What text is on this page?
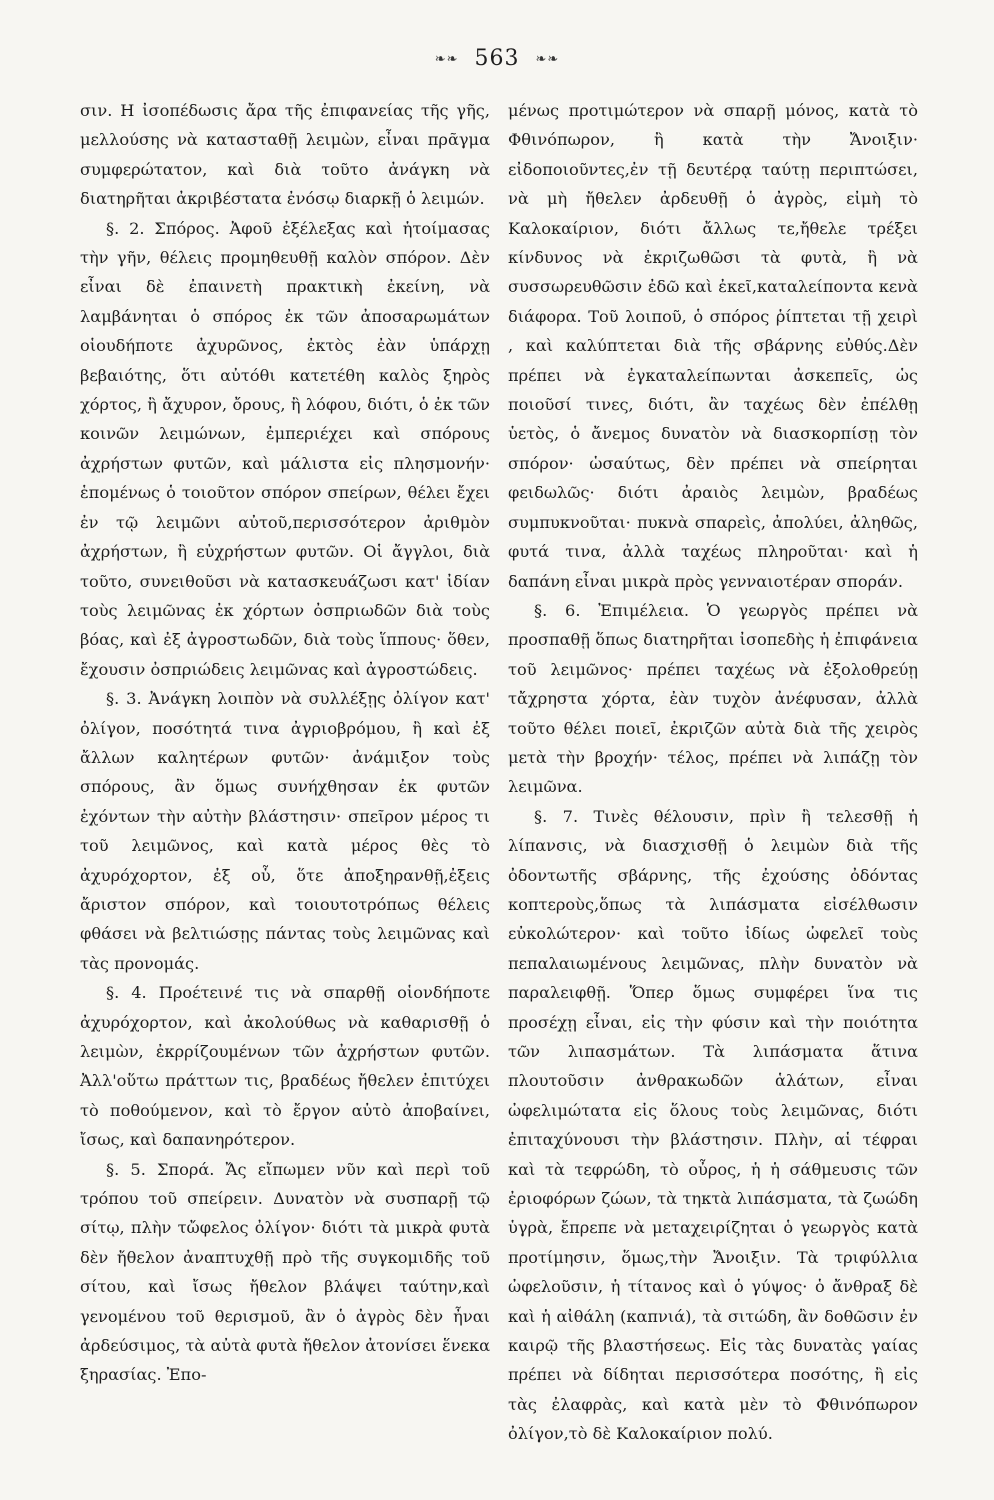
❧❧ 563 ❧❧

σιν. Η ἰσοπέδωσις ἄρα τῆς ἐπιφανείας τῆς γῆς, μελλούσης νὰ κατασταθῇ λειμὼν, εἶναι πρᾶγμα συμφερώτατον, καὶ διὰ τοῦτο ἀνάγκη νὰ διατηρῆται ἀκριβέστατα ἐνόσῳ διαρκῇ ὁ λειμών.

§. 2. Σπόρος. Ἀφοῦ ἐξέλεξας καὶ ἡτοίμασας τὴν γῆν, θέλεις προμηθευθῇ καλὸν σπόρον. Δὲν εἶναι δὲ ἐπαινετὴ πρακτικὴ ἐκείνη, νὰ λαμβάνηται ὁ σπόρος ἐκ τῶν ἀποσαρωμάτων οἱουδήποτε ἀχυρῶνος, ἐκτὸς ἐὰν ὑπάρχῃ βεβαιότης, ὅτι αὐτόθι κατετέθη καλὸς ξηρὸς χόρτος, ἢ ἄχυρον, ὄρους, ἢ λόφου, διότι, ὁ ἐκ τῶν κοινῶν λειμώνων, ἐμπεριέχει καὶ σπόρους ἀχρήστων φυτῶν, καὶ μάλιστα εἰς πλησμονήν· ἑπομένως ὁ τοιοῦτον σπόρον σπείρων, θέλει ἔχει ἐν τῷ λειμῶνι αὐτοῦ,περισσότερον ἀριθμὸν ἀχρήστων, ἢ εὐχρήστων φυτῶν. Οἱ ἄγγλοι, διὰ τοῦτο, συνειθοῦσι νὰ κατασκευάζωσι κατ' ἰδίαν τοὺς λειμῶνας ἐκ χόρτων ὀσπριωδῶν διὰ τοὺς βόας, καὶ ἐξ ἀγροστωδῶν, διὰ τοὺς ἵππους· ὅθεν, ἔχουσιν ὀσπριώδεις λειμῶνας καὶ ἀγροστώδεις.

§. 3. Ἀνάγκη λοιπὸν νὰ συλλέξῃς ὀλίγον κατ' ὀλίγον, ποσότητά τινα ἀγριοβρόμου, ἢ καὶ ἐξ ἄλλων καλητέρων φυτῶν· ἀνάμιξον τοὺς σπόρους, ἂν ὅμως συνήχθησαν ἐκ φυτῶν ἐχόντων τὴν αὐτὴν βλάστησιν· σπεῖρον μέρος τι τοῦ λειμῶνος, καὶ κατὰ μέρος θὲς τὸ ἀχυρόχορτον, ἐξ οὗ, ὅτε ἀποξηρανθῇ,ἐξεις ἄριστον σπόρον, καὶ τοιουτοτρόπως θέλεις φθάσει νὰ βελτιώσῃς πάντας τοὺς λειμῶνας καὶ τὰς προνομάς.

§. 4. Προέτεινέ τις νὰ σπαρθῇ οἱονδήποτε ἀχυρόχορτον, καὶ ἀκολούθως νὰ καθαρισθῇ ὁ λειμὼν, ἐκρρίζουμένων τῶν ἀχρήστων φυτῶν. Ἀλλ'οὕτω πράττων τις, βραδέως ἤθελεν ἐπιτύχει τὸ ποθούμενον, καὶ τὸ ἔργον αὐτὸ ἀποβαίνει, ἴσως, καὶ δαπανηρότερον.

§. 5. Σπορά. Ἄς εἴπωμεν νῦν καὶ περὶ τοῦ τρόπου τοῦ σπείρειν. Δυνατὸν νὰ συσπαρῇ τῷ σίτῳ, πλὴν τὤφελος ὀλίγον· διότι τὰ μικρὰ φυτὰ δὲν ἤθελον ἀναπτυχθῇ πρὸ τῆς συγκομιδῆς τοῦ σίτου, καὶ ἴσως ἤθελον βλάψει ταύτην,καὶ γενομένου τοῦ θερισμοῦ, ἂν ὁ ἀγρὸς δὲν ἦναι ἀρδεύσιμος, τὰ αὐτὰ φυτὰ ἤθελον ἀτονίσει ἕνεκα ξηρασίας. Ἐπο-

μένως προτιμώτερον νὰ σπαρῇ μόνος, κατὰ τὸ Φθινόπωρον, ἢ κατὰ τὴν Ἄνοιξιν· εἰδοποιοῦντες,ἐν τῇ δευτέρᾳ ταύτῃ περιπτώσει, νὰ μὴ ἤθελεν ἀρδευθῇ ὁ ἀγρὸς, εἰμὴ τὸ Καλοκαίριον, διότι ἄλλως τε,ἤθελε τρέξει κίνδυνος νὰ ἐκριζωθῶσι τὰ φυτὰ, ἢ νὰ συσσωρευθῶσιν ἐδῶ καὶ ἐκεῖ,καταλείποντα κενὰ διάφορα. Τοῦ λοιποῦ, ὁ σπόρος ῥίπτεται τῇ χειρὶ , καὶ καλύπτεται διὰ τῆς σβάρνης εὐθύς.Δὲν πρέπει νὰ ἐγκαταλείπωνται ἀσκεπεῖς, ὡς ποιοῦσί τινες, διότι, ἂν ταχέως δὲν ἐπέλθῃ ὑετὸς, ὁ ἄνεμος δυνατὸν νὰ διασκορπίσῃ τὸν σπόρον· ὡσαύτως, δὲν πρέπει νὰ σπείρηται φειδωλῶς· διότι ἀραιὸς λειμὼν, βραδέως συμπυκνοῦται· πυκνὰ σπαρεὶς, ἀπολύει, ἀληθῶς, φυτά τινα, ἀλλὰ ταχέως πληροῦται· καὶ ἡ δαπάνη εἶναι μικρὰ πρὸς γενναιοτέραν σποράν.

§. 6. Ἐπιμέλεια. Ὁ γεωργὸς πρέπει νὰ προσπαθῇ ὅπως διατηρῆται ἰσοπεδὴς ἡ ἐπιφάνεια τοῦ λειμῶνος· πρέπει ταχέως νὰ ἐξολοθρεύῃ τἄχρηστα χόρτα, ἐὰν τυχὸν ἀνέφυσαν, ἀλλὰ τοῦτο θέλει ποιεῖ, ἐκριζῶν αὐτὰ διὰ τῆς χειρὸς μετὰ τὴν βροχήν· τέλος, πρέπει νὰ λιπάζῃ τὸν λειμῶνα.

§. 7. Τινὲς θέλουσιν, πρὶν ἢ τελεσθῇ ἡ λίπανσις, νὰ διασχισθῇ ὁ λειμὼν διὰ τῆς ὀδοντωτῆς σβάρνης, τῆς ἐχούσης ὀδόντας κοπτεροὺς,ὅπως τὰ λιπάσματα εἰσέλθωσιν εὐκολώτερον· καὶ τοῦτο ἰδίως ὠφελεῖ τοὺς πεπαλαιωμένους λειμῶνας, πλὴν δυνατὸν νὰ παραλειφθῇ. Ὅπερ ὅμως συμφέρει ἵνα τις προσέχῃ εἶναι, εἰς τὴν φύσιν καὶ τὴν ποιότητα τῶν λιπασμάτων. Τὰ λιπάσματα ἅτινα πλουτοῦσιν ἀνθρακωδῶν ἁλάτων, εἶναι ὠφελιμώτατα εἰς ὅλους τοὺς λειμῶνας, διότι ἐπιταχύνουσι τὴν βλάστησιν. Πλὴν, αἱ τέφραι καὶ τὰ τεφρώδη, τὸ οὖρος, ἡ ἡ σάθμευσις τῶν ἐριοφόρων ζώων, τὰ τηκτὰ λιπάσματα, τὰ ζωώδη ὑγρὰ, ἔπρεπε νὰ μεταχειρίζηται ὁ γεωργὸς κατὰ προτίμησιν, ὅμως,τὴν Ἄνοιξιν. Τὰ τριφύλλια ὠφελοῦσιν, ἡ τίτανος καὶ ὁ γύψος· ὁ ἄνθραξ δὲ καὶ ἡ αἰθάλη (καπνιά), τὰ σιτώδη, ἂν δοθῶσιν ἐν καιρῷ τῆς βλαστήσεως. Εἰς τὰς δυνατὰς γαίας πρέπει νὰ δίδηται περισσότερα ποσότης, ἢ εἰς τὰς ἐλαφρὰς, καὶ κατὰ μὲν τὸ Φθινόπωρον ὀλίγον,τὸ δὲ Καλοκαίριον πολύ.
